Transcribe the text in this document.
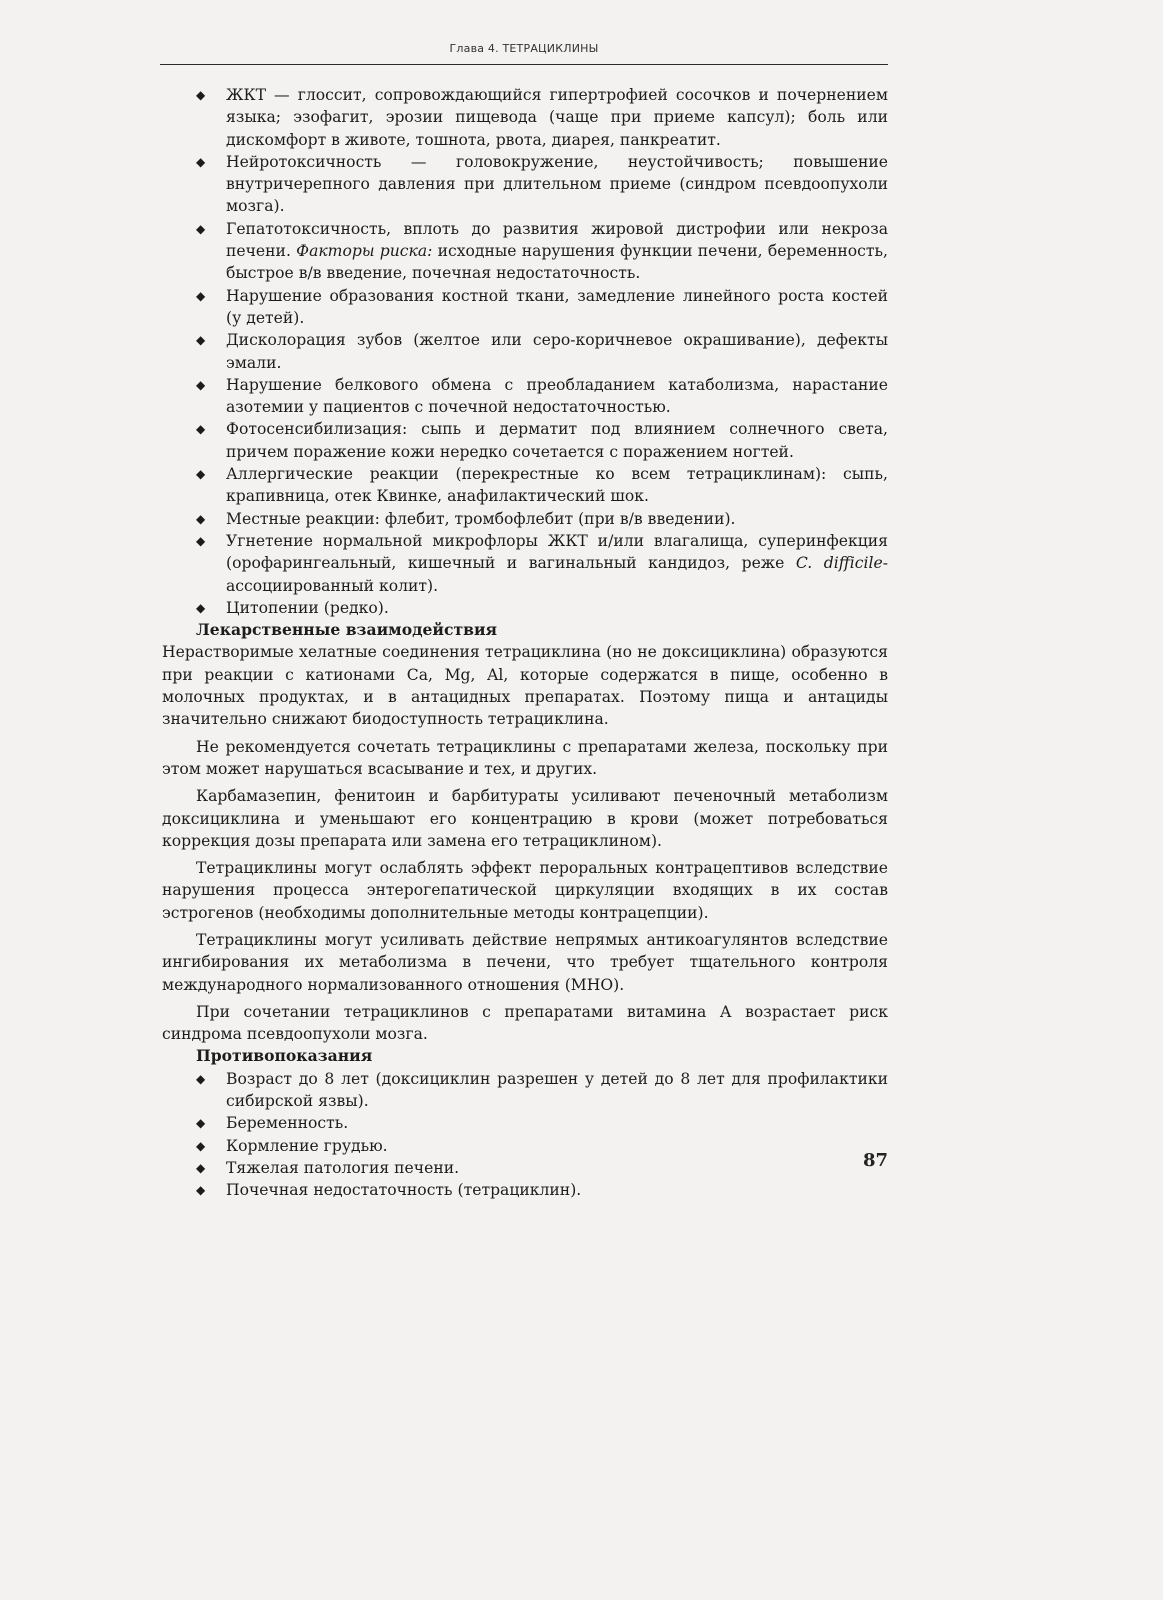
Глава 4. ТЕТРАЦИКЛИНЫ
◆ ЖКТ — глоссит, сопровождающийся гипертрофией сосочков и почернением языка; эзофагит, эрозии пищевода (чаще при приеме капсул); боль или дискомфорт в животе, тошнота, рвота, диарея, панкреатит.
◆ Нейротоксичность — головокружение, неустойчивость; повышение внутричерепного давления при длительном приеме (синдром псевдоопухоли мозга).
◆ Гепатотоксичность, вплоть до развития жировой дистрофии или некроза печени. Факторы риска: исходные нарушения функции печени, беременность, быстрое в/в введение, почечная недостаточность.
◆ Нарушение образования костной ткани, замедление линейного роста костей (у детей).
◆ Дисколорация зубов (желтое или серо-коричневое окрашивание), дефекты эмали.
◆ Нарушение белкового обмена с преобладанием катаболизма, нарастание азотемии у пациентов с почечной недостаточностью.
◆ Фотосенсибилизация: сыпь и дерматит под влиянием солнечного света, причем поражение кожи нередко сочетается с поражением ногтей.
◆ Аллергические реакции (перекрестные ко всем тетрациклинам): сыпь, крапивница, отек Квинке, анафилактический шок.
◆ Местные реакции: флебит, тромбофлебит (при в/в введении).
◆ Угнетение нормальной микрофлоры ЖКТ и/или влагалища, суперинфекция (орофарингеальный, кишечный и вагинальный кандидоз, реже C. difficile-ассоциированный колит).
◆ Цитопении (редко).
Лекарственные взаимодействия

Нерастворимые хелатные соединения тетрациклина (но не доксициклина) образуются при реакции с катионами Ca, Mg, Al, которые содержатся в пище, особенно в молочных продуктах, и в антацидных препаратах. Поэтому пища и антациды значительно снижают биодоступность тетрациклина.

Не рекомендуется сочетать тетрациклины с препаратами железа, поскольку при этом может нарушаться всасывание и тех, и других.

Карбамазепин, фенитоин и барбитураты усиливают печеночный метаболизм доксициклина и уменьшают его концентрацию в крови (может потребоваться коррекция дозы препарата или замена его тетрациклином).

Тетрациклины могут ослаблять эффект пероральных контрацептивов вследствие нарушения процесса энтерогепатической циркуляции входящих в их состав эстрогенов (необходимы дополнительные методы контрацепции).

Тетрациклины могут усиливать действие непрямых антикоагулянтов вследствие ингибирования их метаболизма в печени, что требует тщательного контроля международного нормализованного отношения (МНО).

При сочетании тетрациклинов с препаратами витамина А возрастает риск синдрома псевдоопухоли мозга.

Противопоказания
◆ Возраст до 8 лет (доксициклин разрешен у детей до 8 лет для профилактики сибирской язвы).
◆ Беременность.
◆ Кормление грудью.
◆ Тяжелая патология печени.
◆ Почечная недостаточность (тетрациклин).
87
